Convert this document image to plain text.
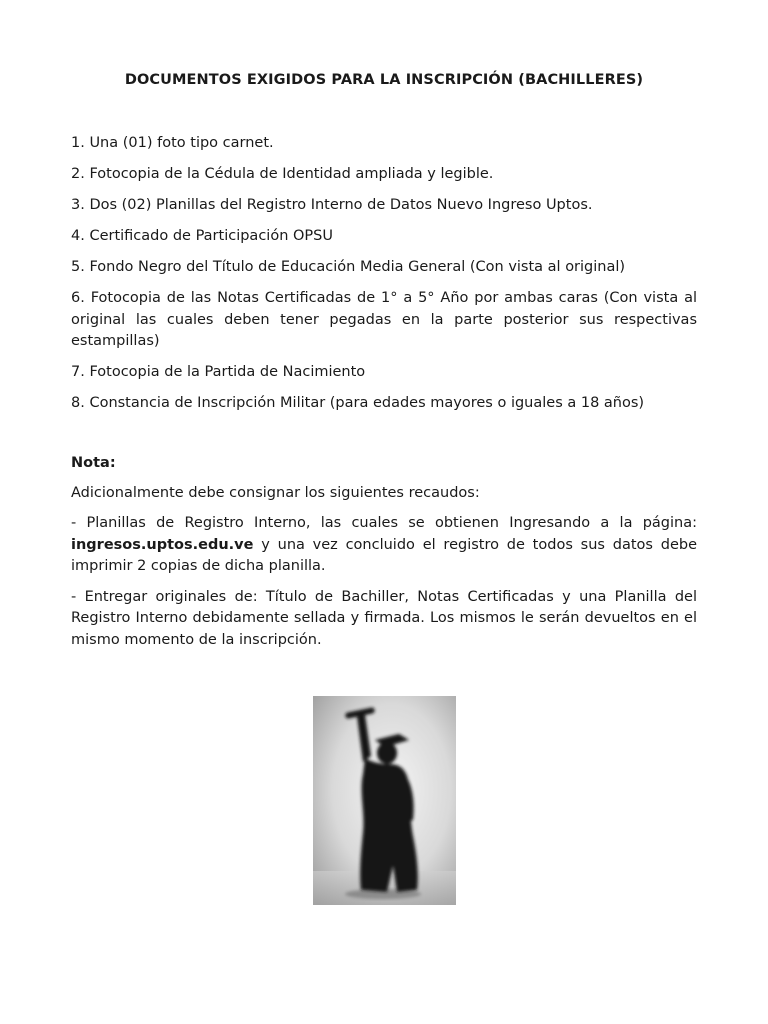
DOCUMENTOS EXIGIDOS PARA LA INSCRIPCIÓN (BACHILLERES)
1. Una (01) foto tipo carnet.
2. Fotocopia de la Cédula de Identidad ampliada y legible.
3. Dos (02) Planillas del Registro Interno de Datos Nuevo Ingreso Uptos.
4. Certificado de Participación OPSU
5. Fondo Negro del Título de Educación Media General (Con vista al original)
6. Fotocopia de las Notas Certificadas de 1° a 5° Año por ambas caras (Con vista al original las cuales deben tener pegadas en la parte posterior sus respectivas estampillas)
7. Fotocopia de la Partida de Nacimiento
8. Constancia de Inscripción Militar (para edades mayores o iguales a 18 años)

Nota:

Adicionalmente debe consignar los siguientes recaudos:

- Planillas de Registro Interno, las cuales se obtienen Ingresando a la página: ingresos.uptos.edu.ve y una vez concluido el registro de todos sus datos debe imprimir 2 copias de dicha planilla.

- Entregar originales de: Título de Bachiller, Notas Certificadas y una Planilla del Registro Interno debidamente sellada y firmada. Los mismos le serán devueltos en el mismo momento de la inscripción.
